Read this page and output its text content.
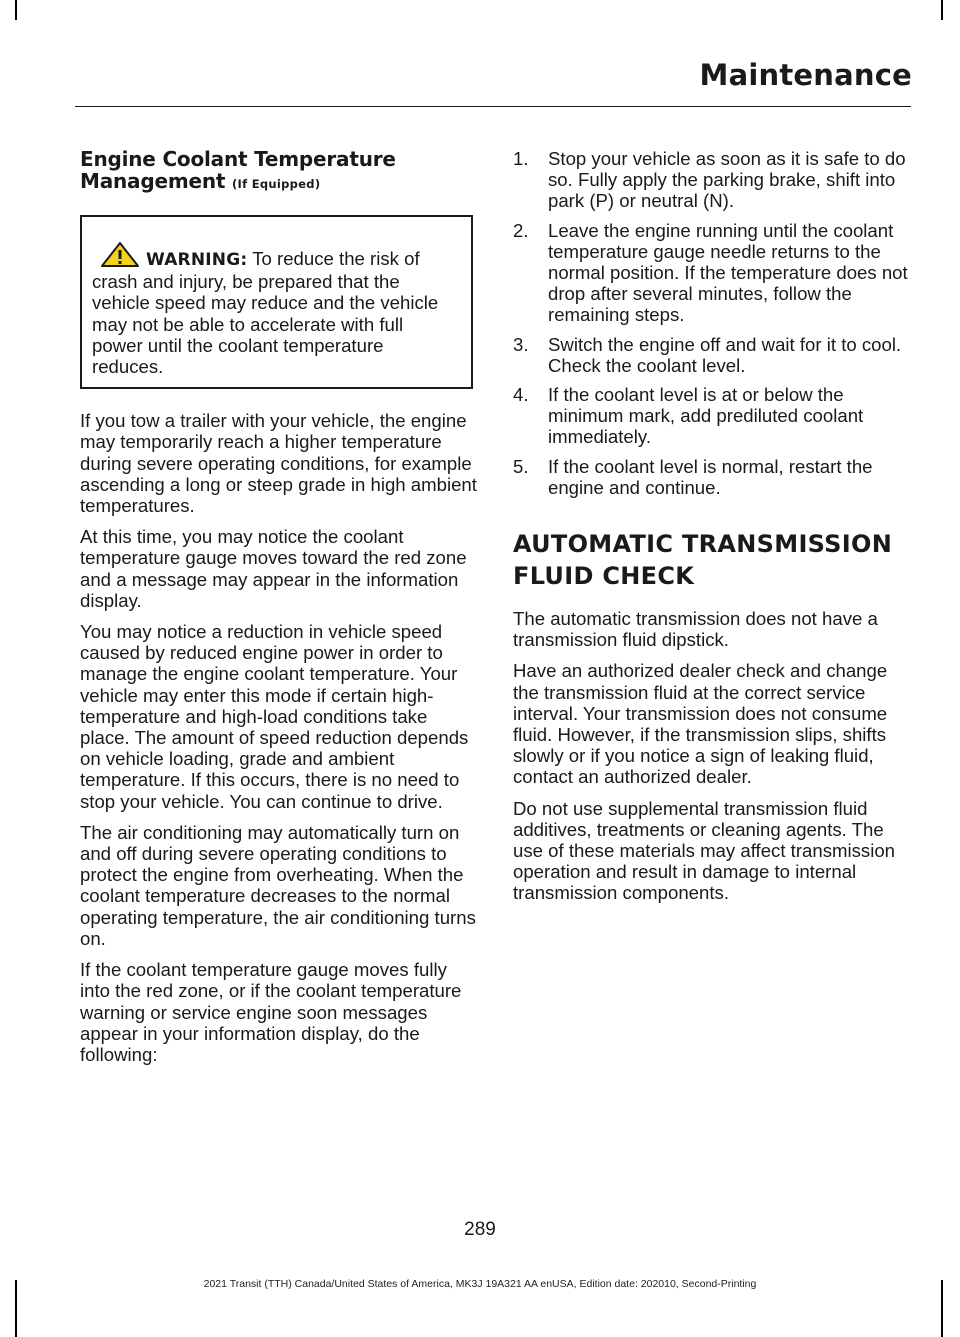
Maintenance
Engine Coolant Temperature Management (If Equipped)

WARNING: To reduce the risk of crash and injury, be prepared that the vehicle speed may reduce and the vehicle may not be able to accelerate with full power until the coolant temperature reduces.

If you tow a trailer with your vehicle, the engine may temporarily reach a higher temperature during severe operating conditions, for example ascending a long or steep grade in high ambient temperatures.

At this time, you may notice the coolant temperature gauge moves toward the red zone and a message may appear in the information display.

You may notice a reduction in vehicle speed caused by reduced engine power in order to manage the engine coolant temperature. Your vehicle may enter this mode if certain high-temperature and high-load conditions take place. The amount of speed reduction depends on vehicle loading, grade and ambient temperature. If this occurs, there is no need to stop your vehicle. You can continue to drive.

The air conditioning may automatically turn on and off during severe operating conditions to protect the engine from overheating. When the coolant temperature decreases to the normal operating temperature, the air conditioning turns on.

If the coolant temperature gauge moves fully into the red zone, or if the coolant temperature warning or service engine soon messages appear in your information display, do the following:

1. Stop your vehicle as soon as it is safe to do so. Fully apply the parking brake, shift into park (P) or neutral (N).
2. Leave the engine running until the coolant temperature gauge needle returns to the normal position. If the temperature does not drop after several minutes, follow the remaining steps.
3. Switch the engine off and wait for it to cool. Check the coolant level.
4. If the coolant level is at or below the minimum mark, add prediluted coolant immediately.
5. If the coolant level is normal, restart the engine and continue.
AUTOMATIC TRANSMISSION
FLUID CHECK

The automatic transmission does not have a transmission fluid dipstick.

Have an authorized dealer check and change the transmission fluid at the correct service interval. Your transmission does not consume fluid. However, if the transmission slips, shifts slowly or if you notice a sign of leaking fluid, contact an authorized dealer.

Do not use supplemental transmission fluid additives, treatments or cleaning agents. The use of these materials may affect transmission operation and result in damage to internal transmission components.

289
2021 Transit (TTH) Canada/United States of America, MK3J 19A321 AA enUSA, Edition date: 202010, Second-Printing
